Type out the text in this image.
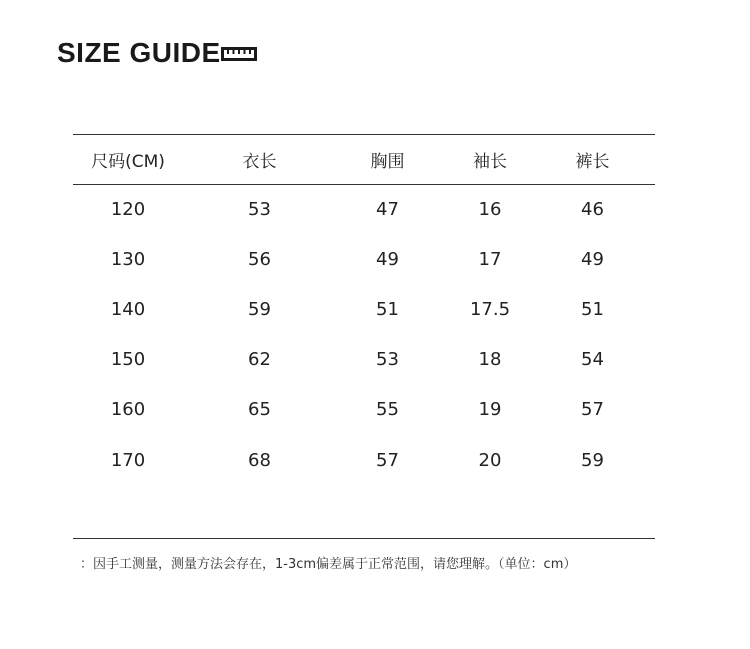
SIZE GUIDE
尺码(CM)	衣长	胸围	袖长	裤长	
120	53	47	16	46	
130	56	49	17	49	
140	59	51	17.5	51	
150	62	53	18	54	
160	65	55	19	57	
170	68	57	20	59	
：因手工测量，测量方法会存在，1-3cm偏差属于正常范围，请您理解。（单位：cm）
